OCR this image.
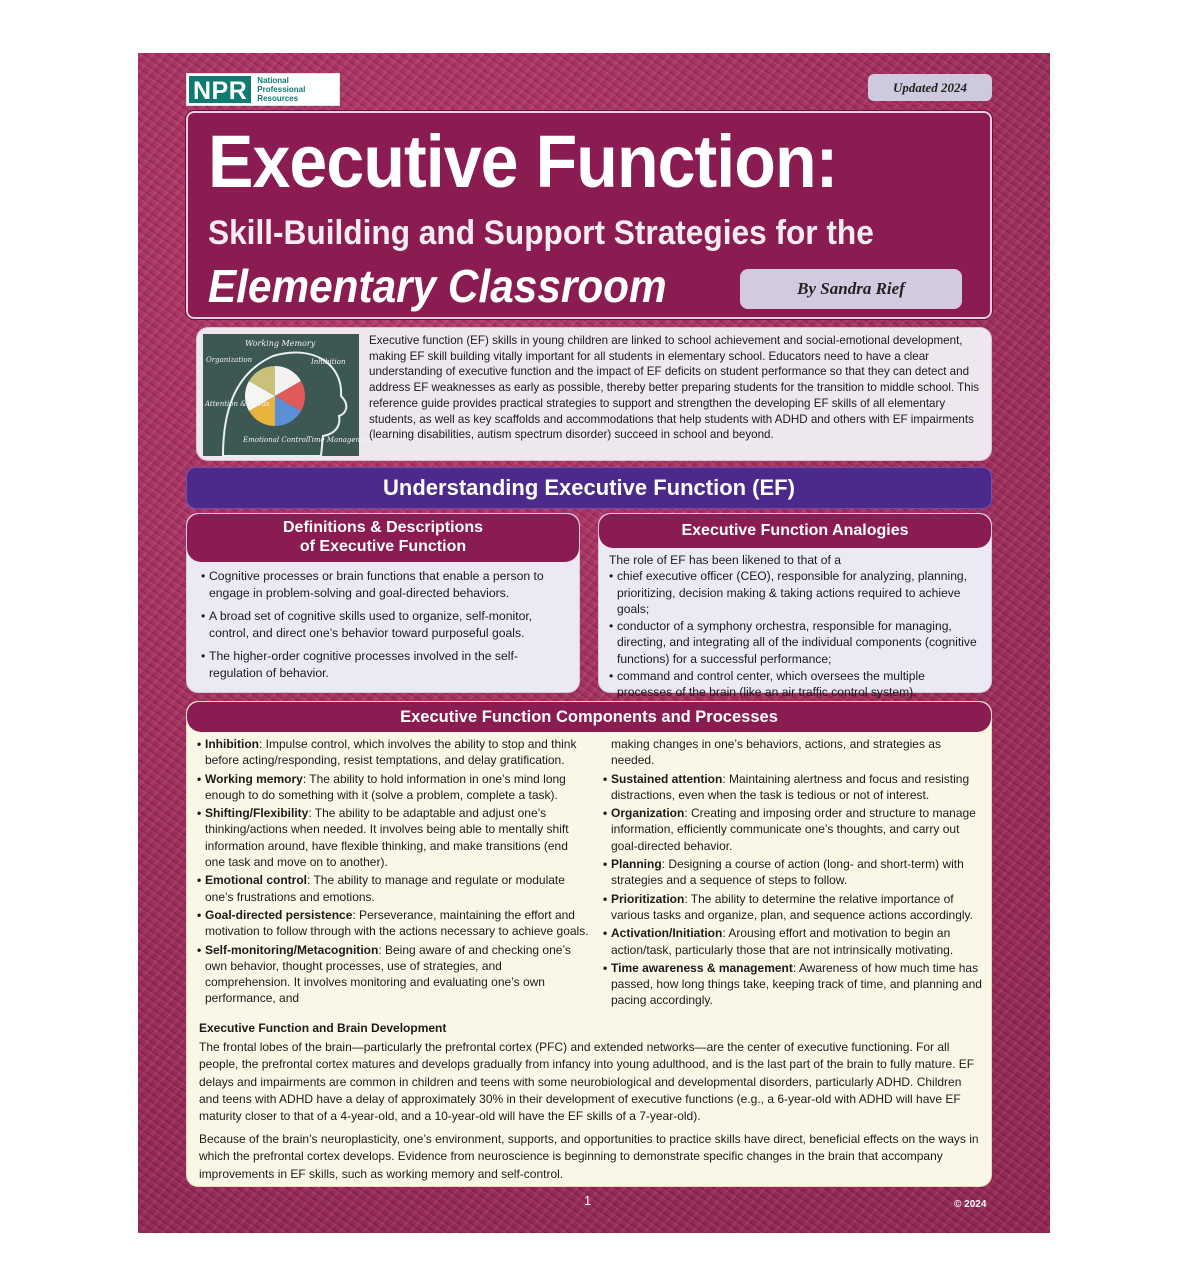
NPR	National
Professional
Resources
Updated 2024
Executive Function:
Skill-Building and Support Strategies for the
Elementary Classroom	By Sandra Rief
Working Memory
Organization	Inhibition
Attention & Focus
Emotional Control
Time Management
Executive function (EF) skills in young children are linked to school achievement and social-emotional development, making EF skill building vitally important for all students in elementary school. Educators need to have a clear understanding of executive function and the impact of EF deficits on student performance so that they can detect and address EF weaknesses as early as possible, thereby better preparing students for the transition to middle school. This reference guide provides practical strategies to support and strengthen the developing EF skills of all elementary students, as well as key scaffolds and accommodations that help students with ADHD and others with EF impairments (learning disabilities, autism spectrum disorder) succeed in school and beyond.
Understanding Executive Function (EF)
Definitions & Descriptions
of Executive Function
• Cognitive processes or brain functions that enable a person to engage in problem-solving and goal-directed behaviors.
• A broad set of cognitive skills used to organize, self-monitor, control, and direct one’s behavior toward purposeful goals.
• The higher-order cognitive processes involved in the self-regulation of behavior.
Executive Function Analogies
The role of EF has been likened to that of a
• chief executive officer (CEO), responsible for analyzing, planning, prioritizing, decision making & taking actions required to achieve goals;
• conductor of a symphony orchestra, responsible for managing, directing, and integrating all of the individual components (cognitive functions) for a successful performance;
• command and control center, which oversees the multiple processes of the brain (like an air traffic control system).
Executive Function Components and Processes
• Inhibition: Impulse control, which involves the ability to stop and think before acting/responding, resist temptations, and delay gratification.
• Working memory: The ability to hold information in one’s mind long enough to do something with it (solve a problem, complete a task).
• Shifting/Flexibility: The ability to be adaptable and adjust one’s thinking/actions when needed. It involves being able to mentally shift information around, have flexible thinking, and make transitions (end one task and move on to another).
• Emotional control: The ability to manage and regulate or modulate one’s frustrations and emotions.
• Goal-directed persistence: Perseverance, maintaining the effort and motivation to follow through with the actions necessary to achieve goals.
• Self-monitoring/Metacognition: Being aware of and checking one’s own behavior, thought processes, use of strategies, and comprehension. It involves monitoring and evaluating one’s own performance, and
making changes in one’s behaviors, actions, and strategies as needed.
• Sustained attention: Maintaining alertness and focus and resisting distractions, even when the task is tedious or not of interest.
• Organization: Creating and imposing order and structure to manage information, efficiently communicate one’s thoughts, and carry out goal-directed behavior.
• Planning: Designing a course of action (long- and short-term) with strategies and a sequence of steps to follow.
• Prioritization: The ability to determine the relative importance of various tasks and organize, plan, and sequence actions accordingly.
• Activation/Initiation: Arousing effort and motivation to begin an action/task, particularly those that are not intrinsically motivating.
• Time awareness & management: Awareness of how much time has passed, how long things take, keeping track of time, and planning and pacing accordingly.
Executive Function and Brain Development

The frontal lobes of the brain—particularly the prefrontal cortex (PFC) and extended networks—are the center of executive functioning. For all people, the prefrontal cortex matures and develops gradually from infancy into young adulthood, and is the last part of the brain to fully mature. EF delays and impairments are common in children and teens with some neurobiological and developmental disorders, particularly ADHD. Children and teens with ADHD have a delay of approximately 30% in their development of executive functions (e.g., a 6-year-old with ADHD will have EF maturity closer to that of a 4-year-old, and a 10-year-old will have the EF skills of a 7-year-old).

Because of the brain’s neuroplasticity, one’s environment, supports, and opportunities to practice skills have direct, beneficial effects on the ways in which the prefrontal cortex develops. Evidence from neuroscience is beginning to demonstrate specific changes in the brain that accompany improvements in EF skills, such as working memory and self-control.

1	© 2024
